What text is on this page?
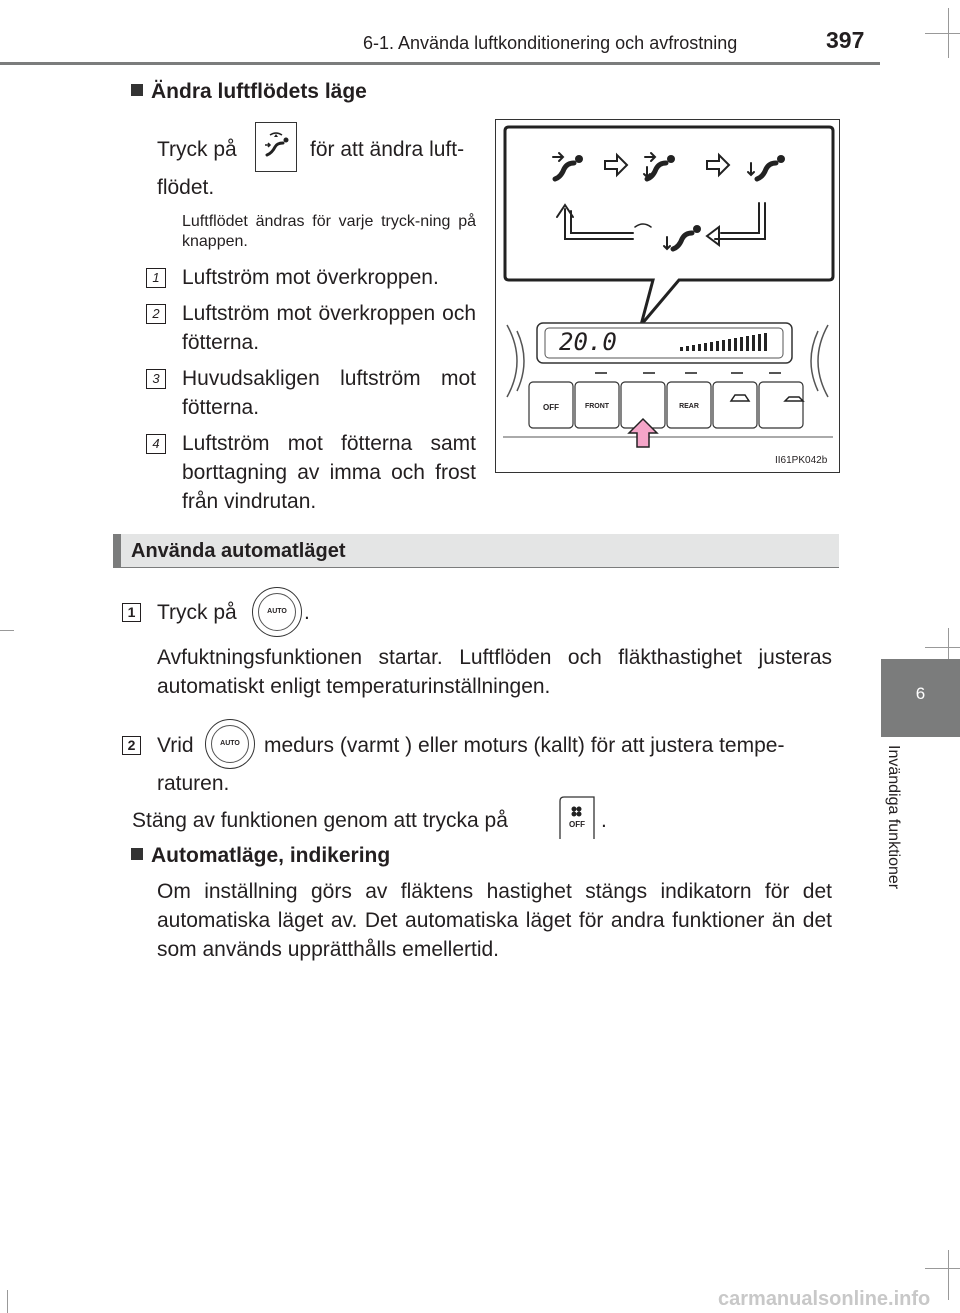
6-1. Använda luftkonditionering och avfrostning	397
6
Invändiga funktioner
Ändra luftflödets läge
Tryck på	för att ändra luft-
flödet.
Luftflödet ändras för varje tryck-ning på knappen.
1	Luftström mot överkroppen.
2	Luftström mot överkroppen och fötterna.
3	Huvudsakligen luftström mot fötterna.
4	Luftström mot fötterna samt borttagning av imma och frost från vindrutan.
20.0
OFF	FRONT	REAR
II61PK042b
Använda automatläget
1 Tryck på	AUTO .
Avfuktningsfunktionen startar. Luftflöden och fläkthastighet justeras automatiskt enligt temperaturinställningen.
2 Vrid	AUTO	medurs (varmt ) eller moturs (kallt) för att justera tempe-
raturen.
Stäng av funktionen genom att trycka på	OFF .
Automatläge, indikering
Om inställning görs av fläktens hastighet stängs indikatorn för det automatiska läget av. Det automatiska läget för andra funktioner än det som används upprätthålls emellertid.
carmanualsonline.info
